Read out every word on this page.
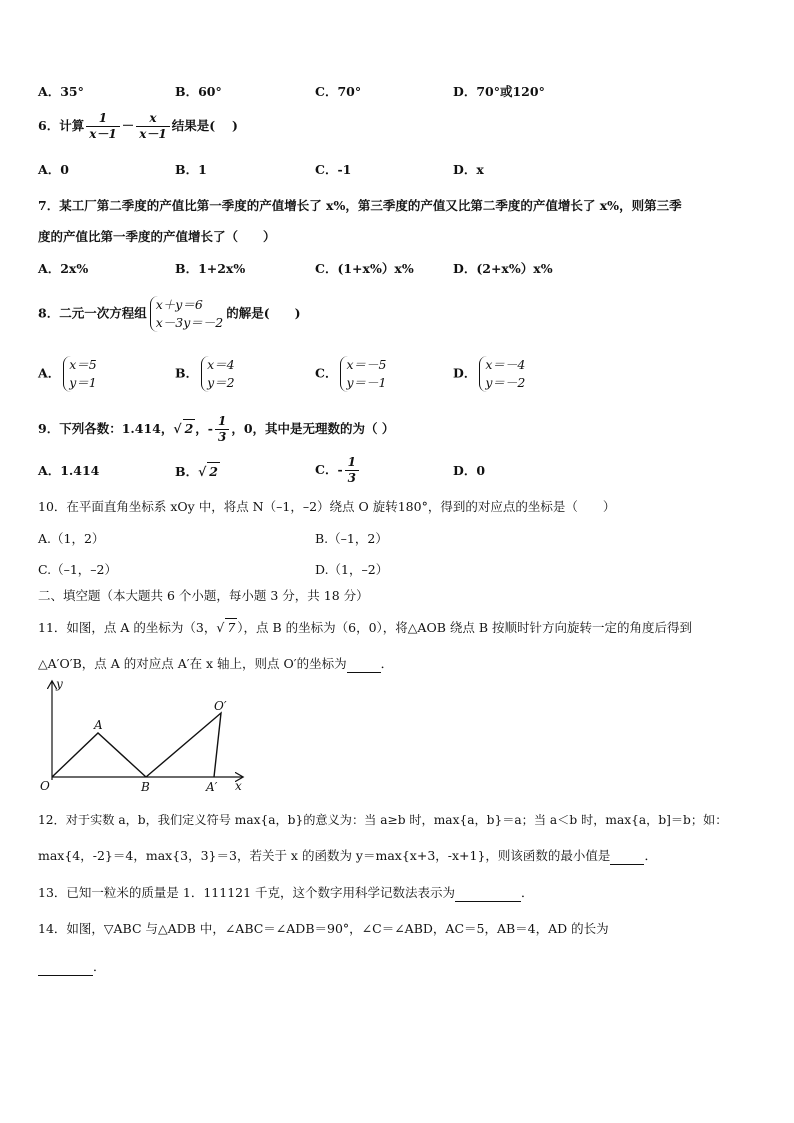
A．35°	B．60°	C．70°	D．70°或120°
6．计算 $\frac{1}{x-1} - \frac{x}{x-1}$ 结果是(　 )
A．0	B．1	C．-1	D．x
7．某工厂第二季度的产值比第一季度的产值增长了 x%，第三季度的产值又比第二季度的产值增长了 x%，则第三季
度的产值比第一季度的产值增长了（　　）
A．2x%	B．1+2x%	C．(1+x%）x%	D．(2+x%）x%
8．二元一次方程组
x＋y＝6
x－3y＝－2
的解是(　　)
A．
x＝5
y＝1
B．
x＝4
y＝2
C．
x＝－5
y＝－1
D．
x＝－4
y＝－2
9．下列各数：1.414，√ 2 ，- $\frac{1}{3}$ ，0，其中是无理数的为（ ）
A．1.414	B．√ 2	C．- $\frac{1}{3}$	D．0
10．在平面直角坐标系 xOy 中，将点 N（–1，–2）绕点 O 旋转180°，得到的对应点的坐标是（　　）
A.（1，2）	B.（–1，2）
C.（–1，–2）	D.（1，–2）
二、填空题（本大题共 6 个小题，每小题 3 分，共 18 分）
11．如图，点 A 的坐标为（3，√ 7 ），点 B 的坐标为（6，0），将△AOB 绕点 B 按顺时针方向旋转一定的角度后得到
△A′O′B，点 A 的对应点 A′在 x 轴上，则点 O′的坐标为	．
y
x
O
A
B
O′
A′
12．对于实数 a，b，我们定义符号 max{a，b}的意义为：当 a≥b 时，max{a，b}＝a；当 a＜b 时，max{a，b]＝b；如：
max{4，-2}＝4，max{3，3}＝3，若关于 x 的函数为 y＝max{x+3，-x+1}，则该函数的最小值是	．
13．已知一粒米的质量是 1．111121 千克，这个数字用科学记数法表示为	．
14．如图，▽ABC 与△ADB 中，∠ABC＝∠ADB＝90°，∠C＝∠ABD，AC＝5，AB＝4，AD 的长为
．
